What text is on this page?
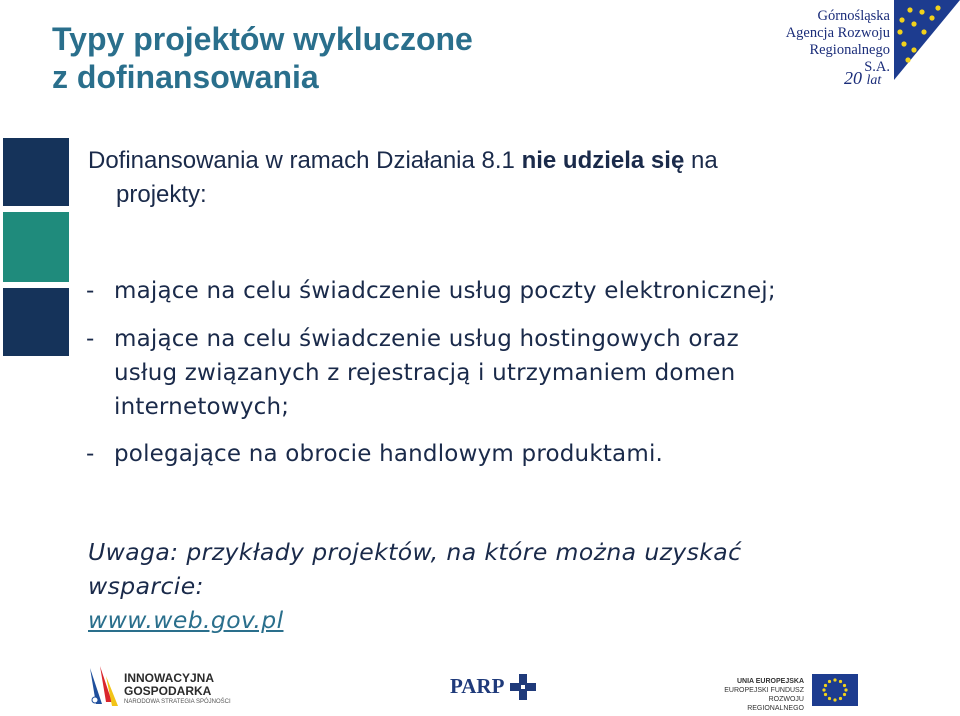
Typy projektów wykluczone
z dofinansowania
Górnośląska
Agencja Rozwoju
Regionalnego S.A.
20 lat
Dofinansowania w ramach Działania 8.1 nie udziela się na
projekty:
- mające na celu świadczenie usług poczty elektronicznej;
- mające na celu świadczenie usług hostingowych oraz
usług związanych z rejestracją i utrzymaniem domen
internetowych;
- polegające na obrocie handlowym produktami.
Uwaga: przykłady projektów, na które można uzyskać
wsparcie:
www.web.gov.pl
INNOWACYJNA
GOSPODARKA
NARODOWA STRATEGIA SPÓJNOŚCI
PARP	UNIA EUROPEJSKA
EUROPEJSKI FUNDUSZ
ROZWOJU REGIONALNEGO
